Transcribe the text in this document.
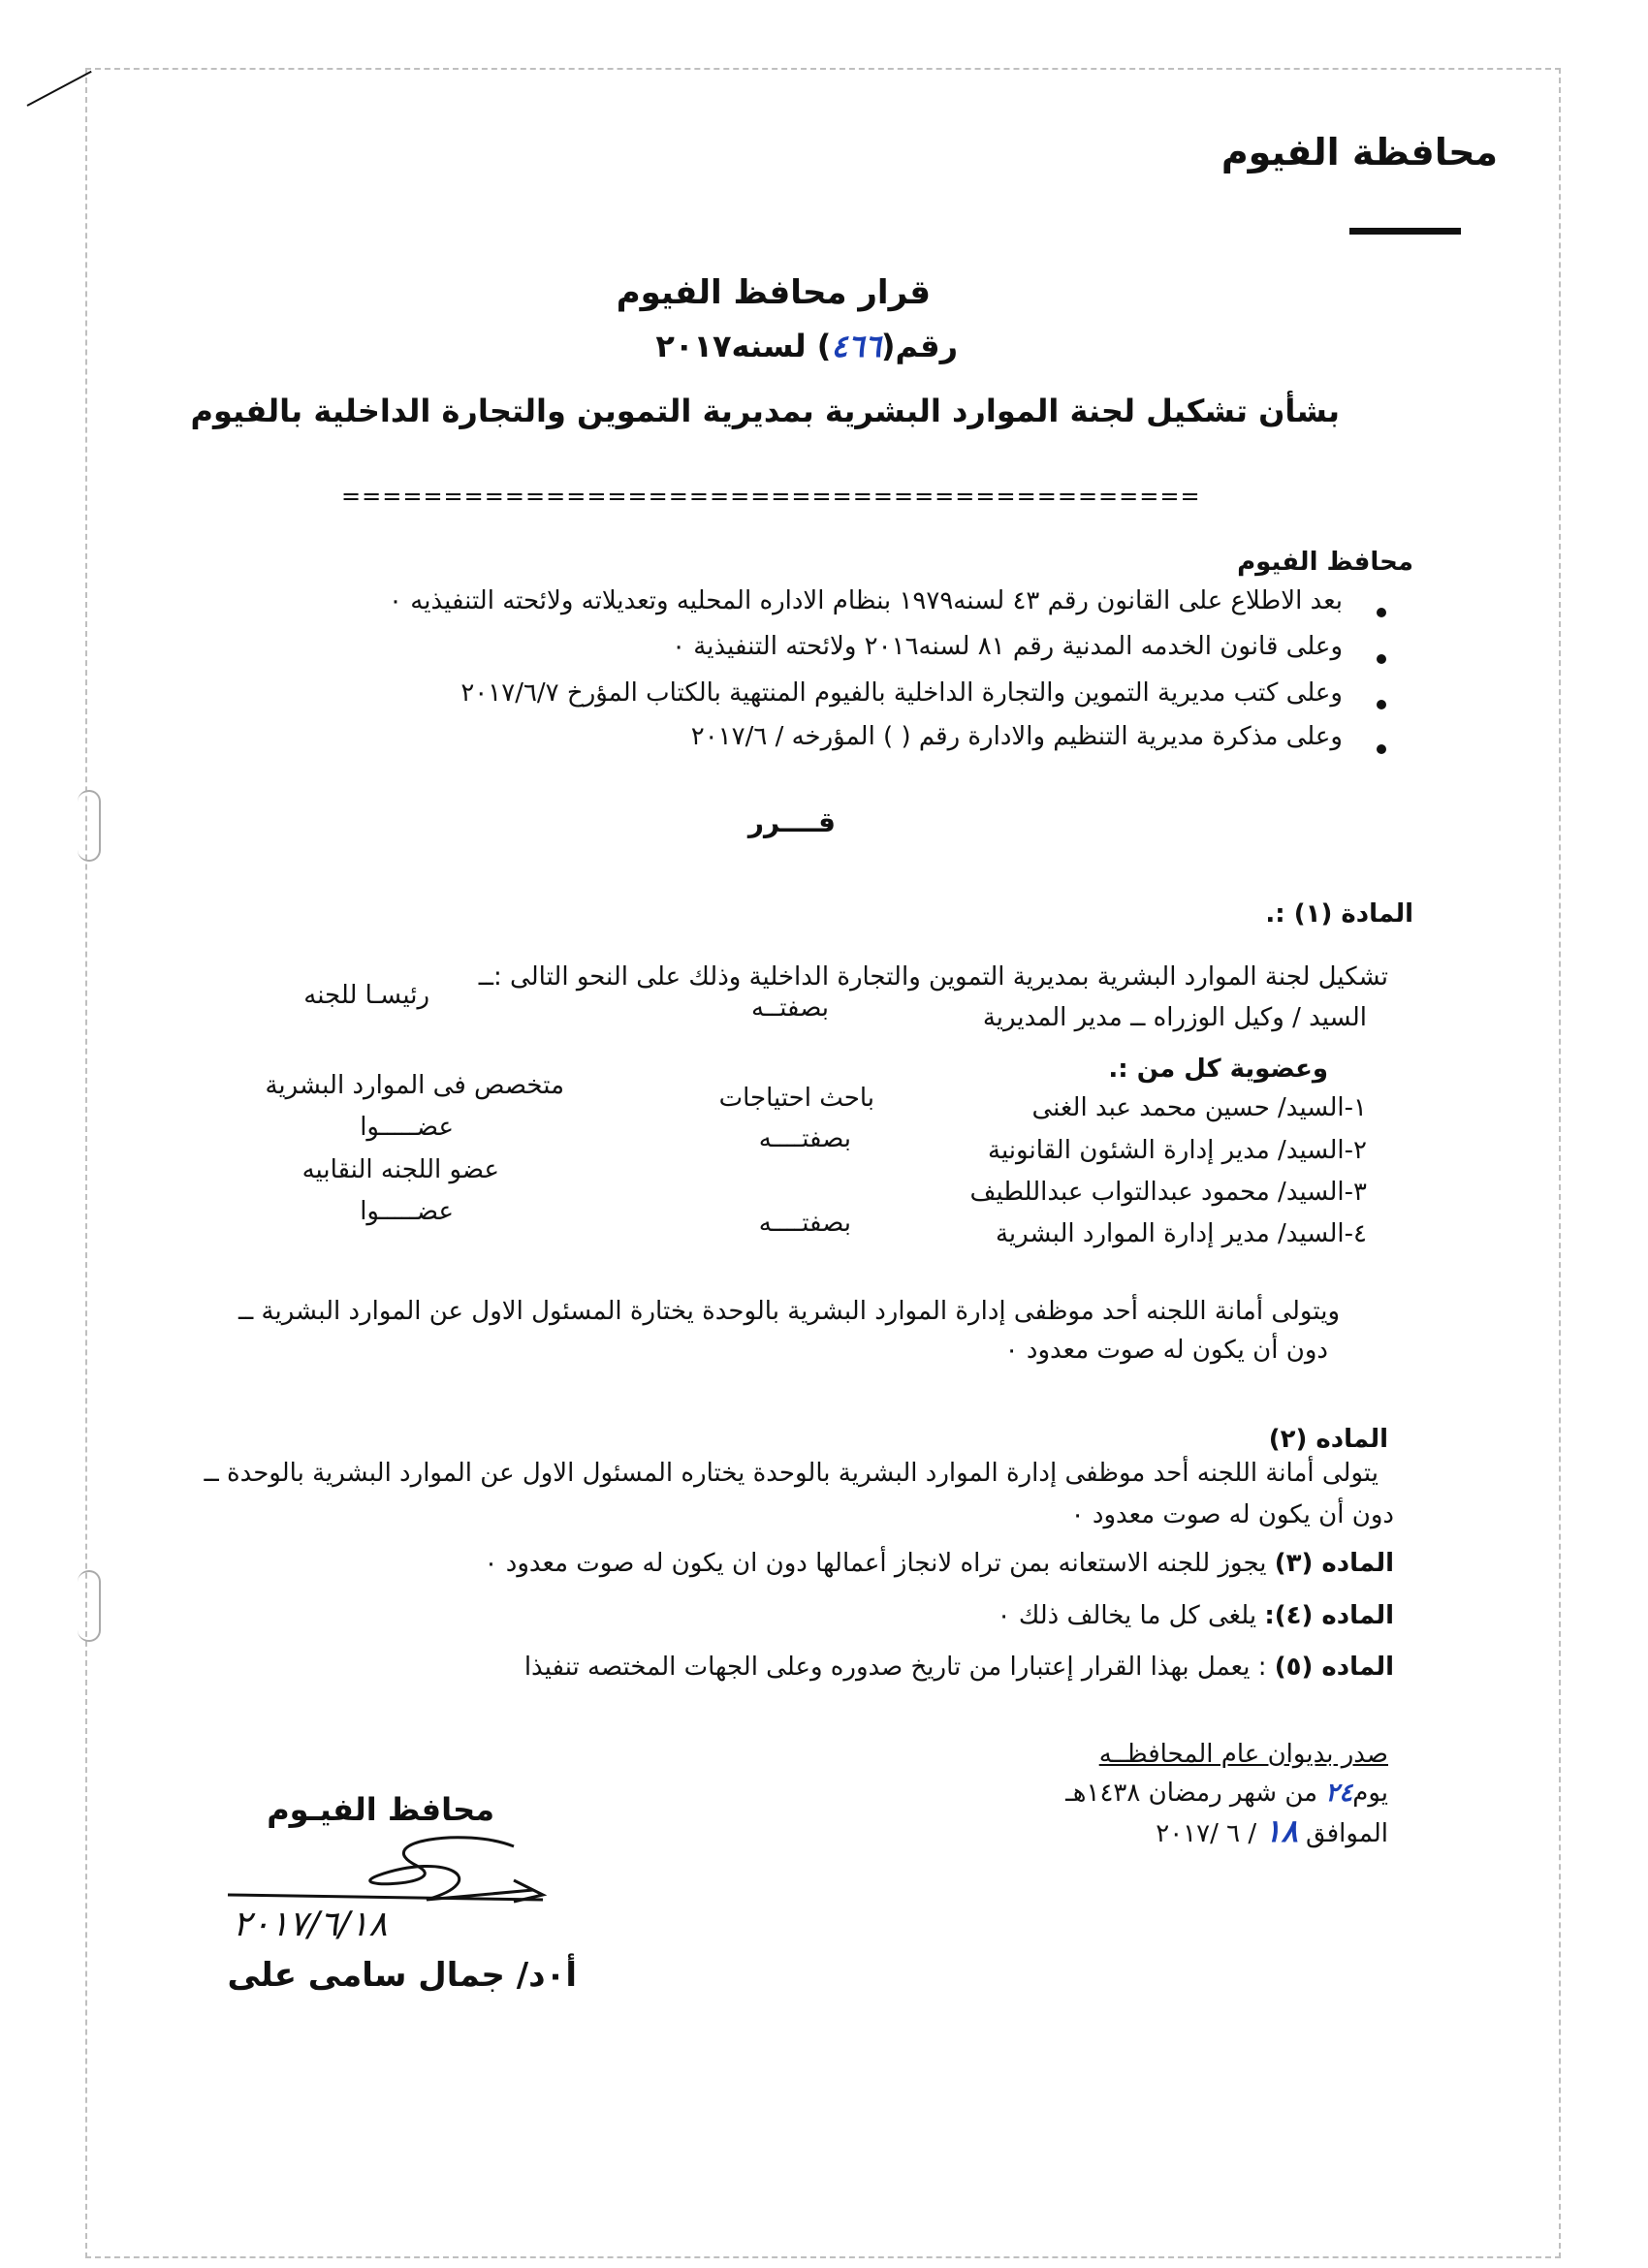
محافظة الفيوم
قرار محافظ الفيوم
رقم(٤٦٦) لسنه٢٠١٧
بشأن تشكيل لجنة الموارد البشرية بمديرية التموين والتجارة الداخلية بالفيوم
==========================================
محافظ الفيوم
بعد الاطلاع على القانون رقم ٤٣ لسنه١٩٧٩ بنظام الاداره المحليه وتعديلاته ولائحته التنفيذيه ٠
وعلى قانون الخدمه المدنية رقم ٨١ لسنه٢٠١٦ ولائحته التنفيذية ٠
وعلى كتب مديرية التموين والتجارة الداخلية بالفيوم المنتهية بالكتاب المؤرخ ٢٠١٧/٦/٧
وعلى مذكرة مديرية التنظيم والادارة رقم ( ) المؤرخه / ٢٠١٧/٦
قــــرر
المادة (١) :.
تشكيل لجنة الموارد البشرية بمديرية التموين والتجارة الداخلية وذلك على النحو التالى :ــ
السيد / وكيل الوزراه ــ مدير المديرية
بصفتــه
رئيسـا للجنه
وعضوية كل من :.
١-السيد/ حسين محمد عبد الغنى
باحث احتياجات
متخصص فى الموارد البشرية
٢-السيد/ مدير إدارة الشئون القانونية
بصفتــــه
عضـــــوا
٣-السيد/ محمود عبدالتواب عبداللطيف
عضو اللجنه النقابيه
٤-السيد/ مدير إدارة الموارد البشرية
بصفتــــه
عضـــــوا
ويتولى أمانة اللجنه أحد موظفى إدارة الموارد البشرية بالوحدة يختارة المسئول الاول عن الموارد البشرية ــ
دون أن يكون له صوت معدود ٠
الماده (٢)
يتولى أمانة اللجنه أحد موظفى إدارة الموارد البشرية بالوحدة يختاره المسئول الاول عن الموارد البشرية بالوحدة ــ
دون أن يكون له صوت معدود ٠
الماده (٣) يجوز للجنه الاستعانه بمن تراه لانجاز أعمالها دون ان يكون له صوت معدود ٠
الماده (٤): يلغى كل ما يخالف ذلك ٠
الماده (٥) : يعمل بهذا القرار إعتبارا من تاريخ صدوره وعلى الجهات المختصه تنفيذا
صدر بديوان عام المحافظــه
يوم٢٤ من شهر رمضان ١٤٣٨هـ
الموافق ١٨ / ٦ /٢٠١٧
محافظ الفيـوم
٢٠١٧/٦/١٨
أ٠د/ جمال سامى على
